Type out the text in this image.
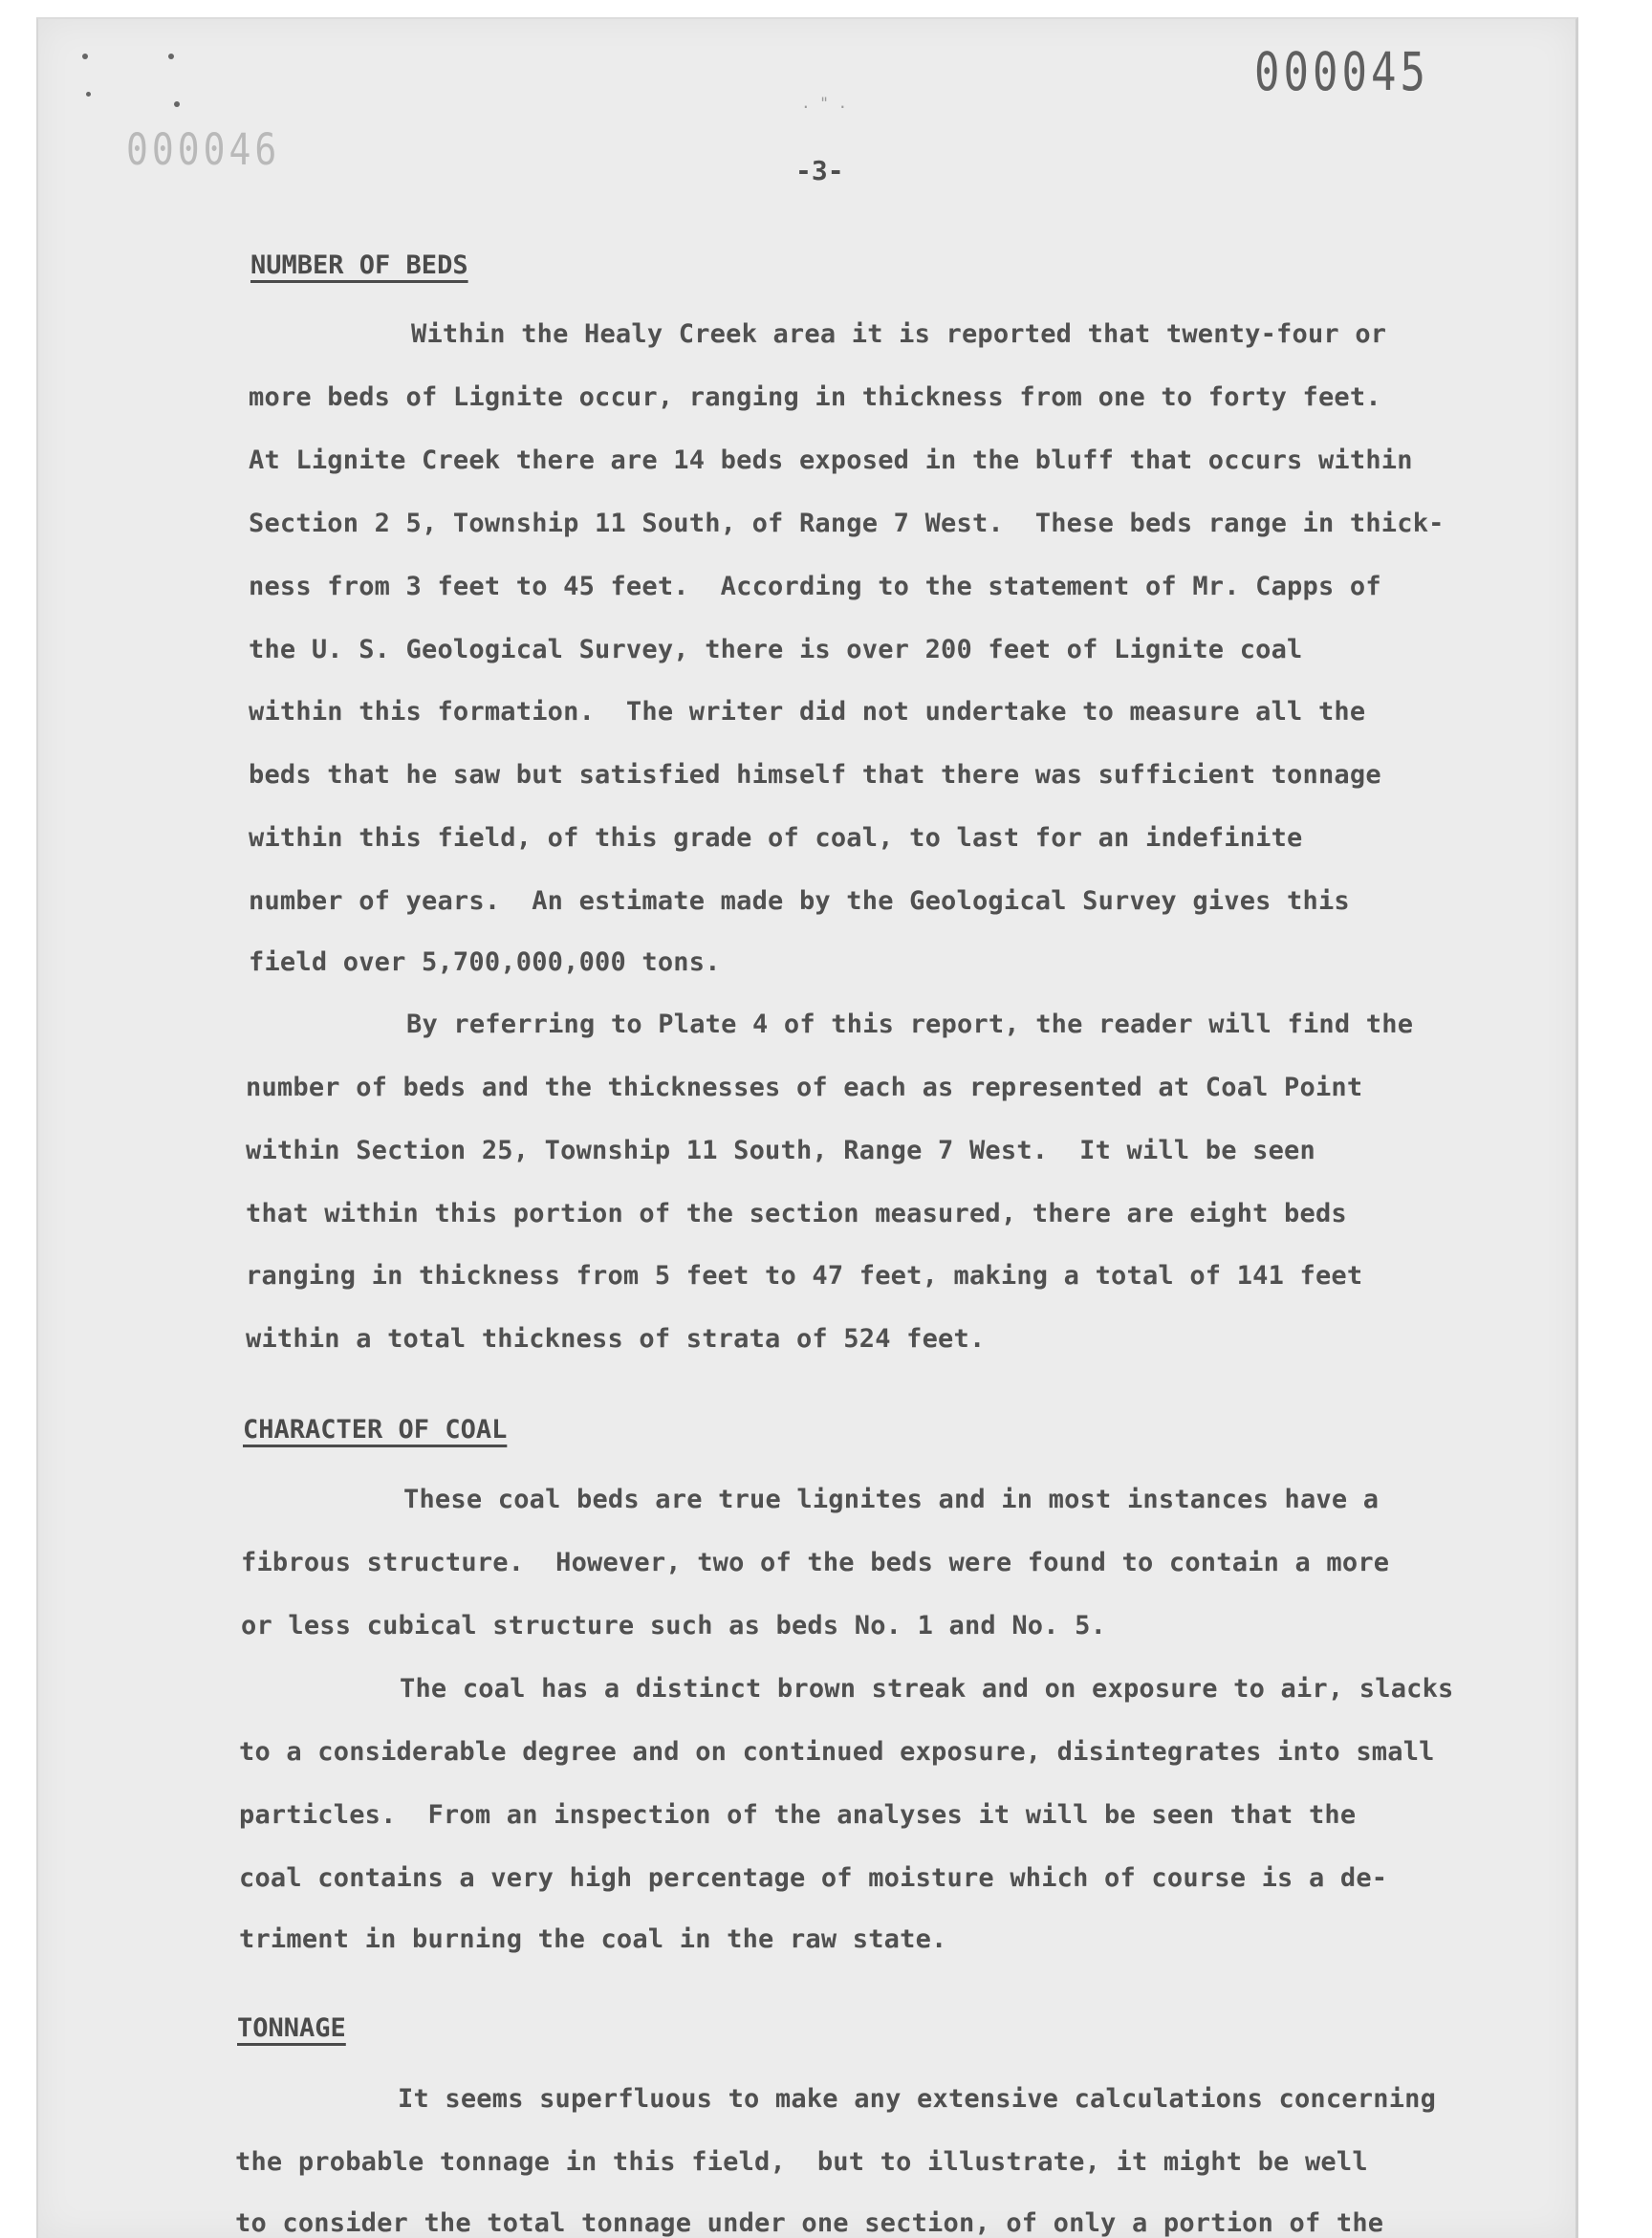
000045
000046
. " .
-3-
NUMBER OF BEDS
Within the Healy Creek area it is reported that twenty-four or
more beds of Lignite occur, ranging in thickness from one to forty feet.
At Lignite Creek there are 14 beds exposed in the bluff that occurs within
Section 2 5, Township 11 South, of Range 7 West.  These beds range in thick-
ness from 3 feet to 45 feet.  According to the statement of Mr. Capps of
the U. S. Geological Survey, there is over 200 feet of Lignite coal
within this formation.  The writer did not undertake to measure all the
beds that he saw but satisfied himself that there was sufficient tonnage
within this field, of this grade of coal, to last for an indefinite
number of years.  An estimate made by the Geological Survey gives this
field over 5,700,000,000 tons.
By referring to Plate 4 of this report, the reader will find the
number of beds and the thicknesses of each as represented at Coal Point
within Section 25, Township 11 South, Range 7 West.  It will be seen
that within this portion of the section measured, there are eight beds
ranging in thickness from 5 feet to 47 feet, making a total of 141 feet
within a total thickness of strata of 524 feet.
CHARACTER OF COAL
These coal beds are true lignites and in most instances have a
fibrous structure.  However, two of the beds were found to contain a more
or less cubical structure such as beds No. 1 and No. 5.
The coal has a distinct brown streak and on exposure to air, slacks
to a considerable degree and on continued exposure, disintegrates into small
particles.  From an inspection of the analyses it will be seen that the
coal contains a very high percentage of moisture which of course is a de-
triment in burning the coal in the raw state.
TONNAGE
It seems superfluous to make any extensive calculations concerning
the probable tonnage in this field,  but to illustrate, it might be well
to consider the total tonnage under one section, of only a portion of the
